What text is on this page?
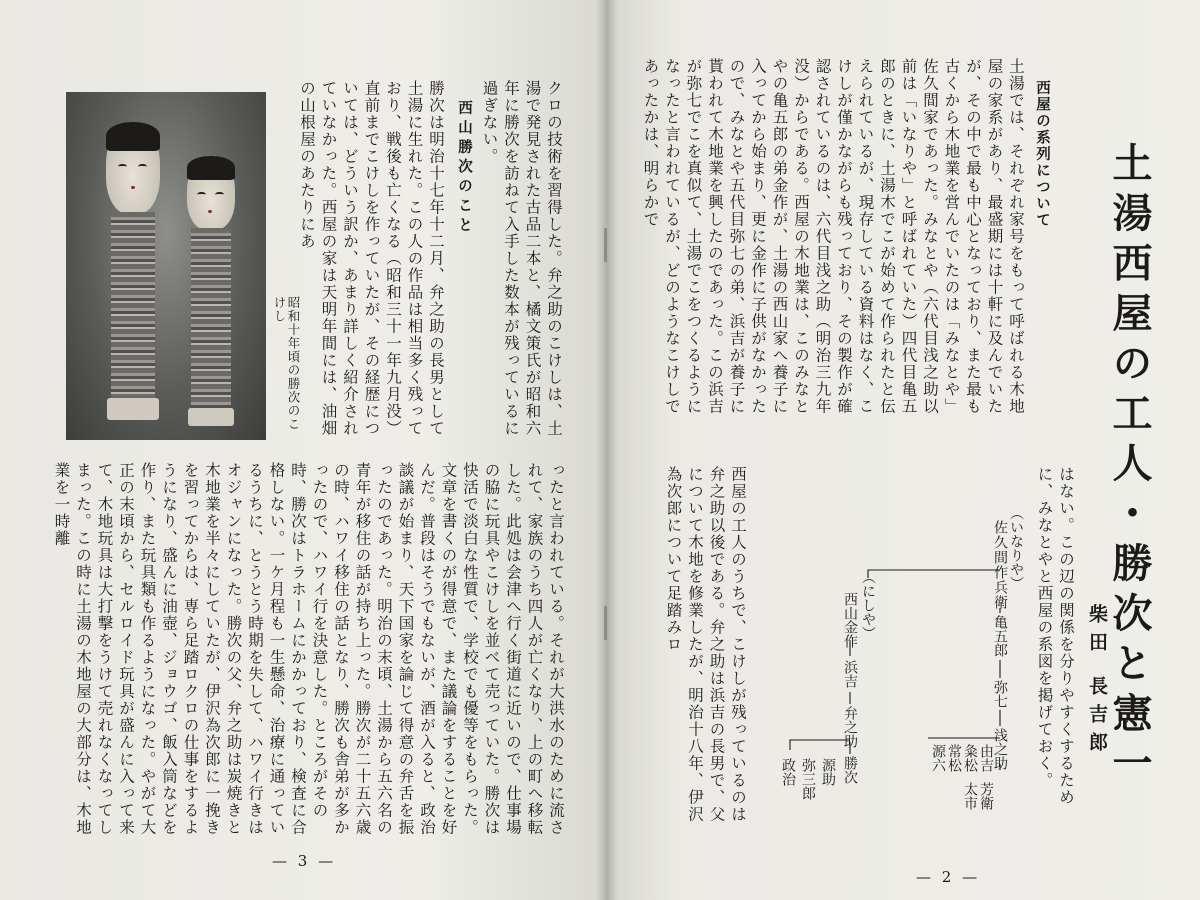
昭和十年頃の勝次のこけし	クロの技術を習得した。弁之助のこけしは、土湯で発見された古品二本と、橘文策氏が昭和六年に勝次を訪ねて入手した数本が残っているに過ぎない。
西山勝次のこと
勝次は明治十七年十二月、弁之助の長男として土湯に生れた。この人の作品は相当多く残っており、戦後も亡くなる（昭和三十一年九月没）直前までこけしを作っていたが、その経歴については、どういう訳か、あまり詳しく紹介されていなかった。西屋の家は天明年間には、油畑の山根屋のあたりにあ
ったと言われている。それが大洪水のために流されて、家族のうち四人が亡くなり、上の町へ移転した。此処は会津へ行く街道に近いので、仕事場の脇に玩具やこけしを並べて売っていた。勝次は快活で淡白な性質で、学校でも優等をもらった。文章を書くのが得意で、また議論をすることを好んだ。普段はそうでもないが、酒が入ると、政治談議が始まり、天下国家を論じて得意の弁舌を振ったのであった。明治の末頃、土湯から五六名の青年が移住の話が持ち上った。勝次が二十五六歳の時、ハワイ移住の話となり、勝次も舎弟が多かったので、ハワイ行を決意した。ところがその時、勝次はトラホームにかかっており、検査に合格しない。一ケ月程も一生懸命、治療に通っているうちに、とうとう時期を失して、ハワイ行きはオジャンになった。勝次の父、弁之助は炭焼きと木地業を半々にしていたが、伊沢為次郎に一挽きを習ってからは、専ら足踏ロクロの仕事をするようになり、盛んに油壺、ジョウゴ、飯入筒などを作り、また玩具類も作るようになった。やがて大正の末頃から、セルロイド玩具が盛んに入って来て、木地玩具は大打撃をうけて売れなくなってしまった。この時に土湯の木地屋の大部分は、木地業を一時離
— 3 —
土湯西屋の工人・勝次と憲一
西屋の系列について
土湯では、それぞれ家号をもって呼ばれる木地屋の家系があり、最盛期には十軒に及んでいたが、その中で最も中心となっており、また最も古くから木地業を営んでいたのは「みなとや」佐久間家であった。みなとや（六代目浅之助以前は「いなりや」と呼ばれていた）四代目亀五郎のときに、土湯木でこが始めて作られたと伝えられているが、現存している資料はなく、こけしが僅かながらも残っており、その製作が確認されているのは、六代目浅之助（明治三九年没）からである。西屋の木地業は、このみなとやの亀五郎の弟金作が、土湯の西山家へ養子に入ってから始まり、更に金作に子供がなかったので、みなとや五代目弥七の弟、浜吉が養子に貰われて木地業を興したのであった。この浜吉が弥七でこを真似て、土湯でこをつくるようになったと言われているが、どのようなこけしであったかは、明らかで
はない。この辺の関係を分りやすくするために、みなとやと西屋の系図を掲げておく。	柴田 長吉郎
佐久間作兵衛 （いなりや）
亀五郎
弥七
浅之助
由吉
粂松
常松
源六
芳衛
太市
（にしや）
西山金作
浜吉
弁之助
勝次
源助
弥三郎
政治
西屋の工人のうちで、こけしが残っているのは弁之助以後である。弁之助は浜吉の長男で、父について木地を修業したが、明治十八年、伊沢為次郎について足踏みロ
— 2 —
